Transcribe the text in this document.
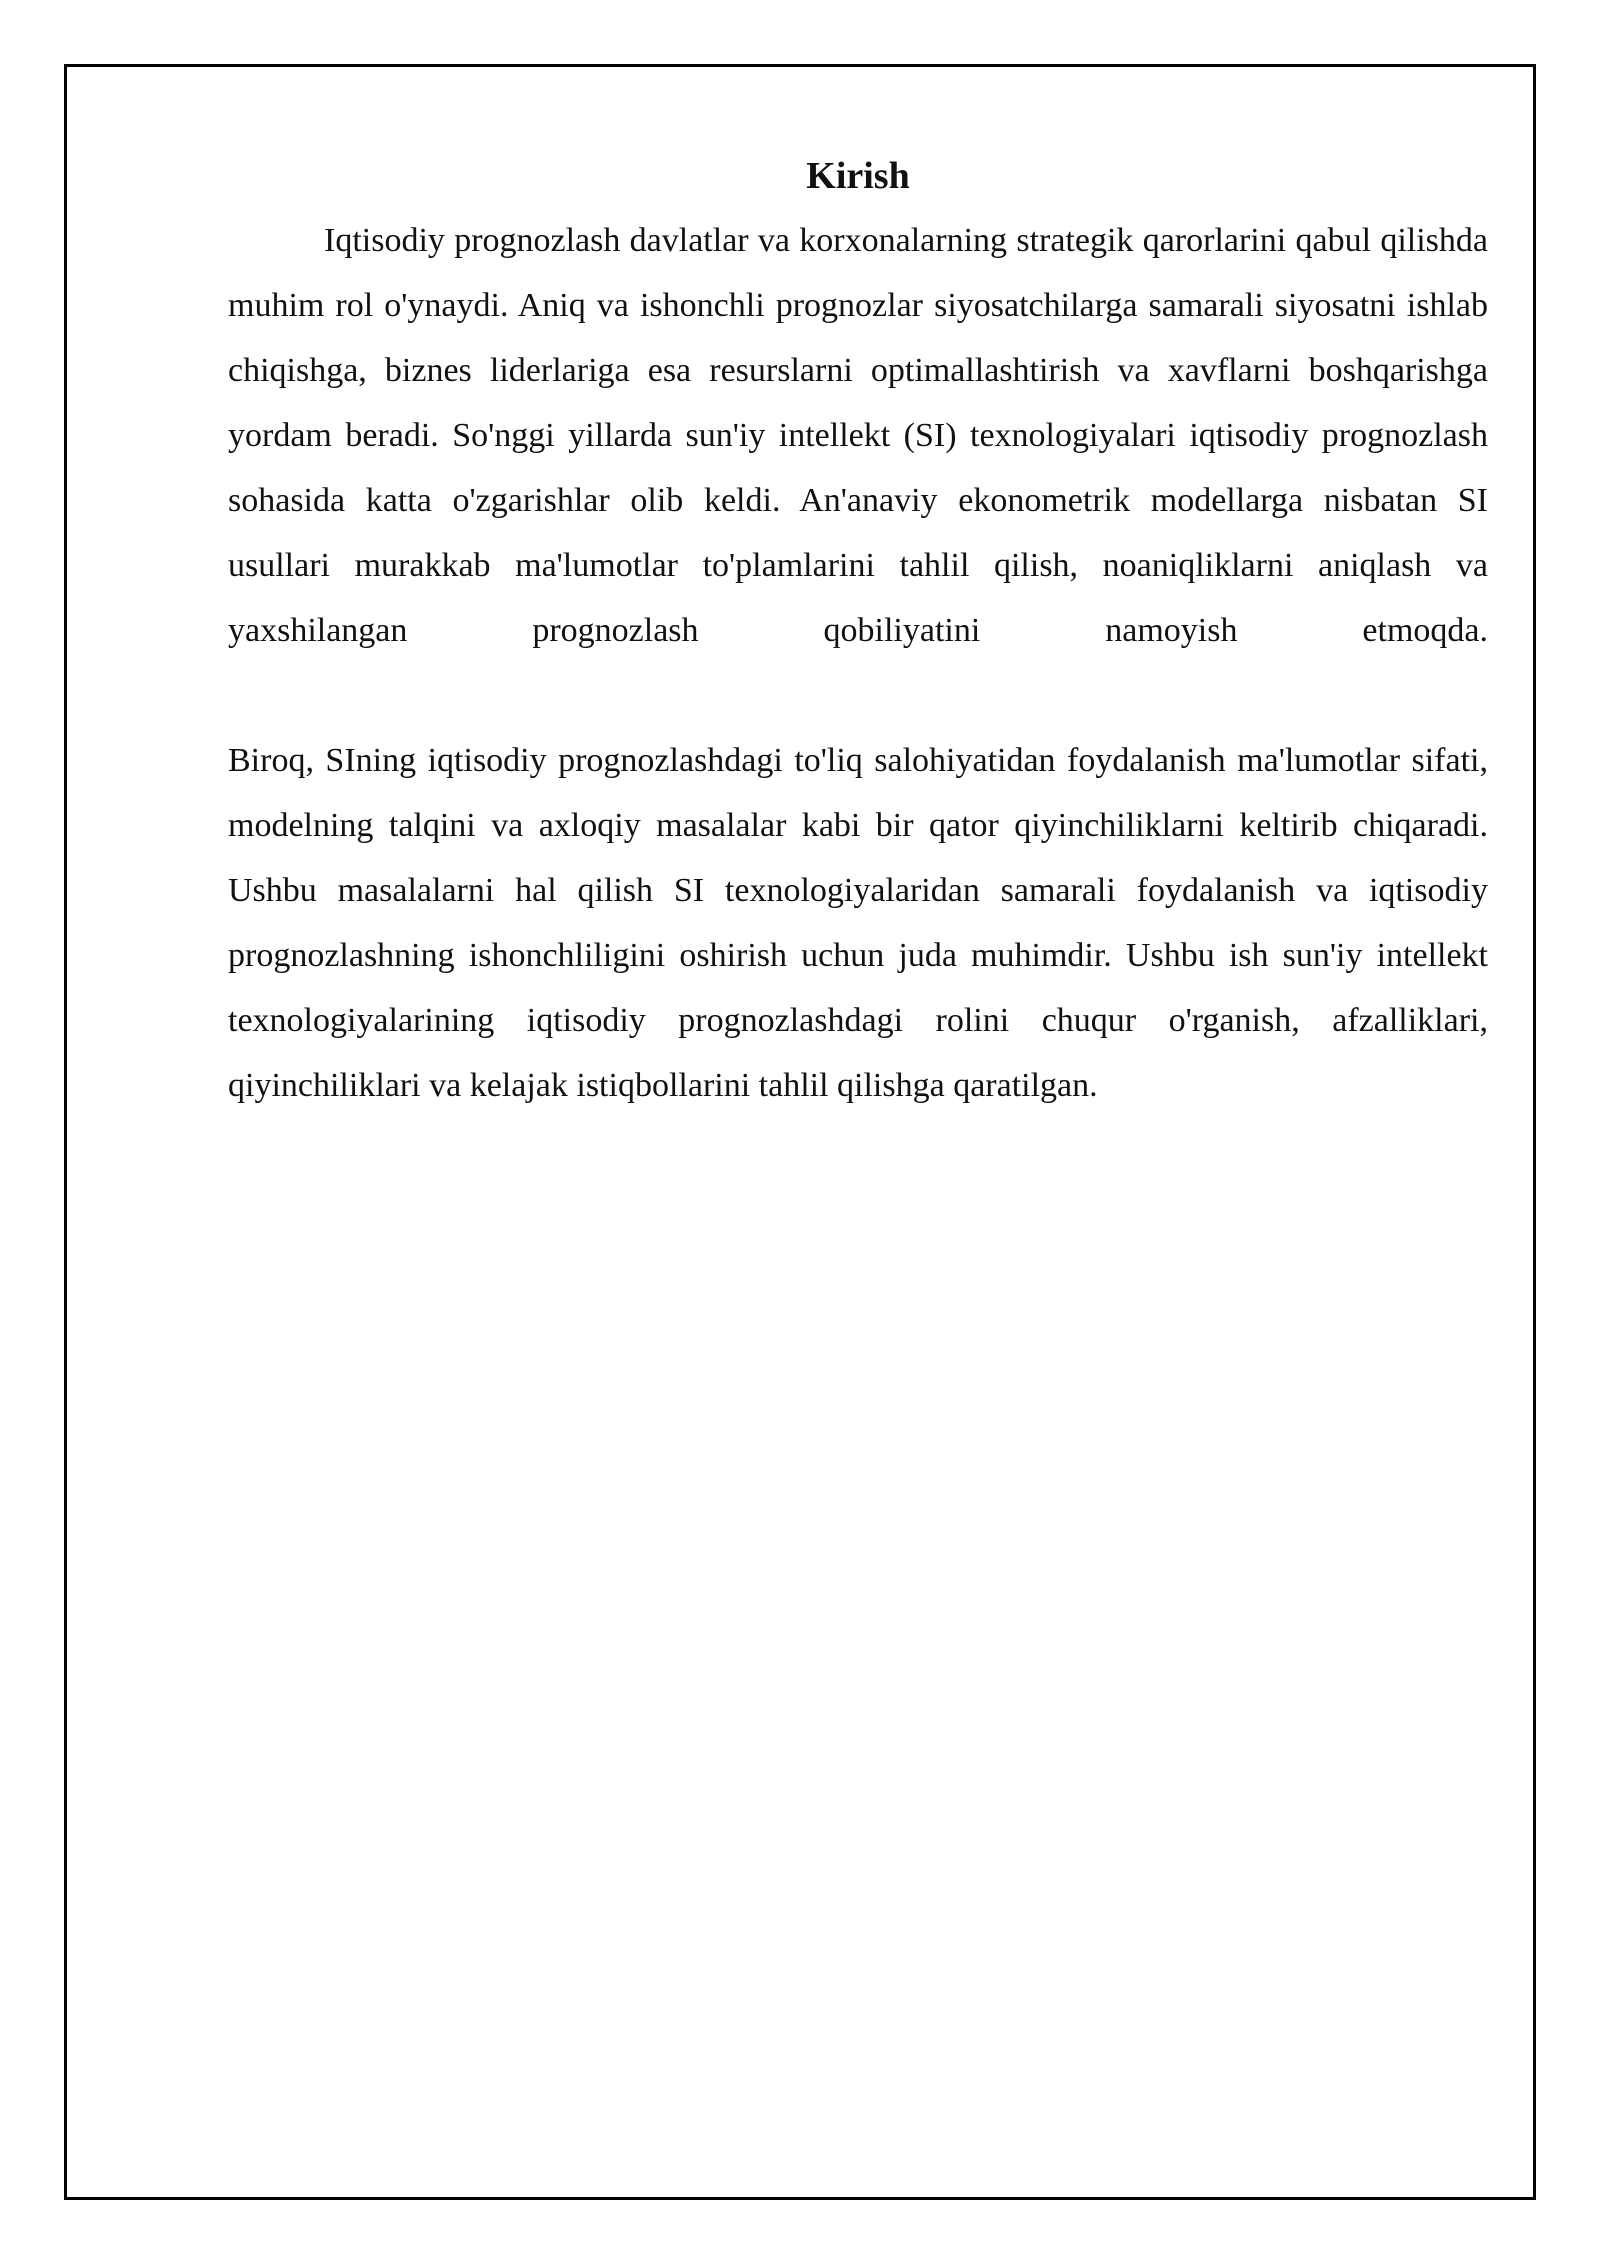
Kirish

Iqtisodiy prognozlash davlatlar va korxonalarning strategik qarorlarini qabul qilishda muhim rol o'ynaydi. Aniq va ishonchli prognozlar siyosatchilarga samarali siyosatni ishlab chiqishga, biznes liderlariga esa resurslarni optimallashtirish va xavflarni boshqarishga yordam beradi. So'nggi yillarda sun'iy intellekt (SI) texnologiyalari iqtisodiy prognozlash sohasida katta o'zgarishlar olib keldi. An'anaviy ekonometrik modellarga nisbatan SI usullari murakkab ma'lumotlar to'plamlarini tahlil qilish, noaniqliklarni aniqlash va yaxshilangan prognozlash qobiliyatini namoyish etmoqda.

Biroq, SIning iqtisodiy prognozlashdagi to'liq salohiyatidan foydalanish ma'lumotlar sifati, modelning talqini va axloqiy masalalar kabi bir qator qiyinchiliklarni keltirib chiqaradi. Ushbu masalalarni hal qilish SI texnologiyalaridan samarali foydalanish va iqtisodiy prognozlashning ishonchliligini oshirish uchun juda muhimdir. Ushbu ish sun'iy intellekt texnologiyalarining iqtisodiy prognozlashdagi rolini chuqur o'rganish, afzalliklari, qiyinchiliklari va kelajak istiqbollarini tahlil qilishga qaratilgan.
